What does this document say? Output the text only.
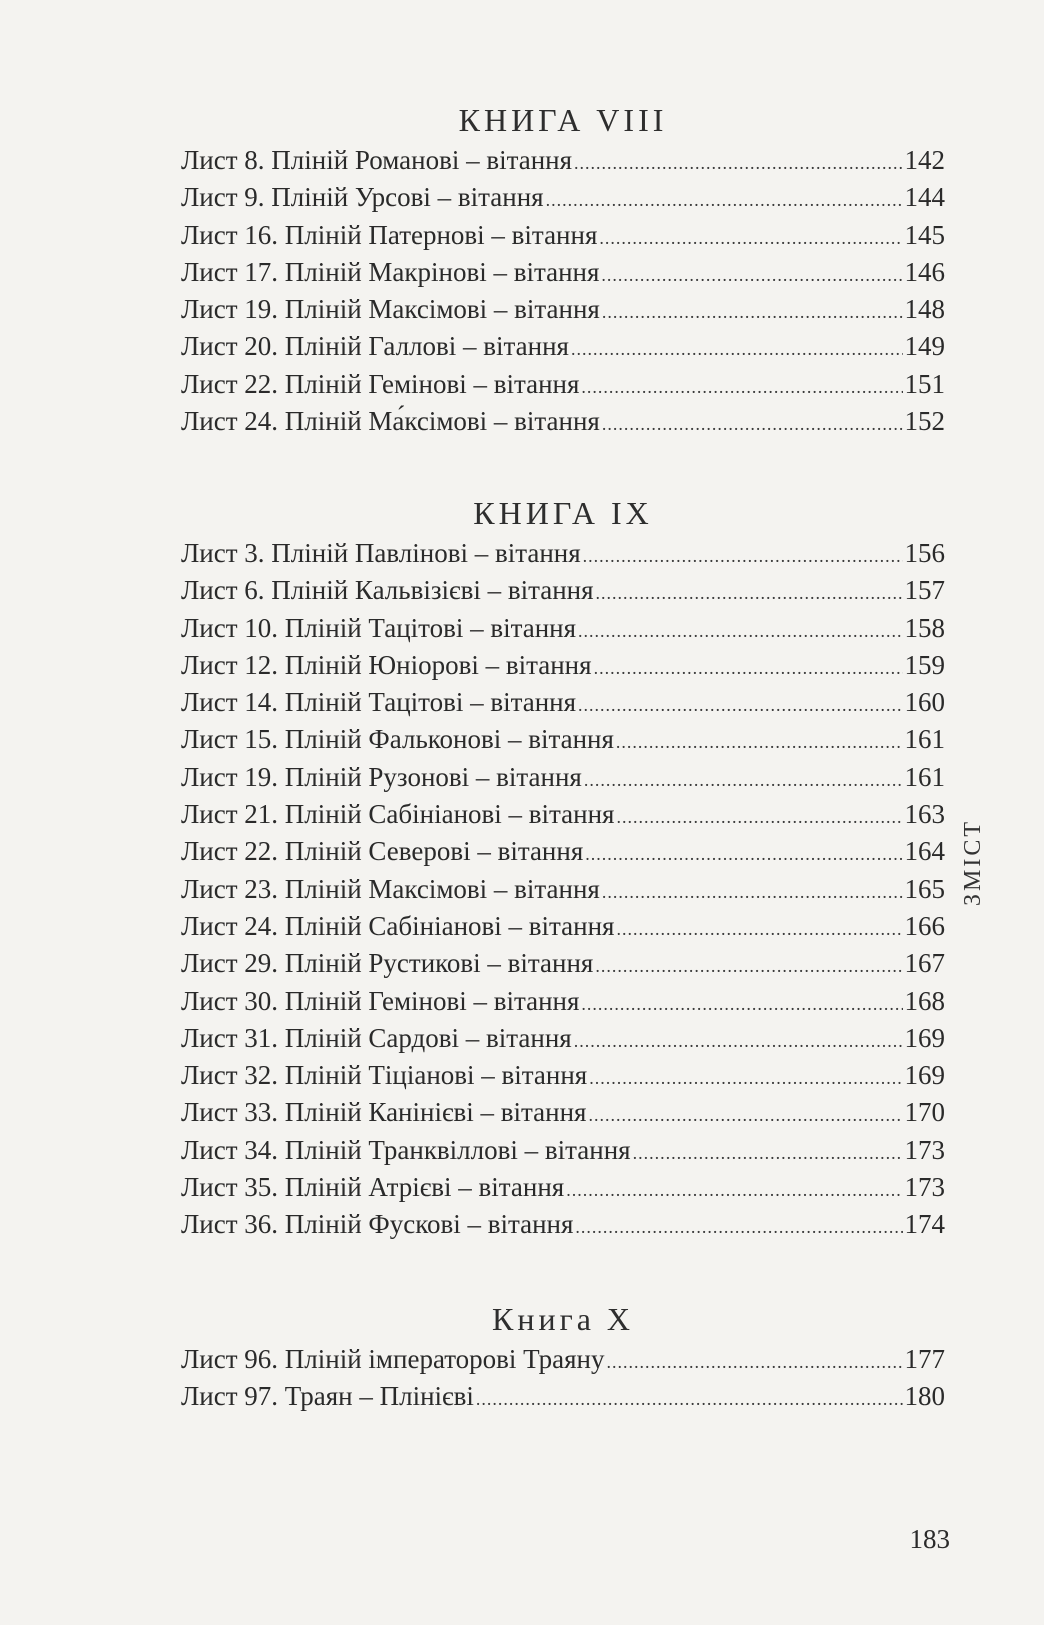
КНИГА VIII
Лист 8. Пліній Романові – вітання .....	142
Лист 9. Пліній Урсові – вітання .....	144
Лист 16. Пліній Патернові – вітання .....	145
Лист 17. Пліній Макрінові – вітання .....	146
Лист 19. Пліній Максімові – вітання .....	148
Лист 20. Пліній Галлові – вітання .....	149
Лист 22. Пліній Гемінові – вітання .....	151
Лист 24. Пліній Ма́ксімові – вітання .....	152
КНИГА IX
Лист 3. Пліній Павлінові – вітання .....	156
Лист 6. Пліній Кальвізієві – вітання .....	157
Лист 10. Пліній Тацітові – вітання .....	158
Лист 12. Пліній Юніорові – вітання .....	159
Лист 14. Пліній Тацітові – вітання .....	160
Лист 15. Пліній Фальконові – вітання .....	161
Лист 19. Пліній Рузонові – вітання .....	161
Лист 21. Пліній Сабініанові – вітання .....	163
Лист 22. Пліній Северові – вітання .....	164
Лист 23. Пліній Максімові – вітання .....	165
Лист 24. Пліній Сабініанові – вітання .....	166
Лист 29. Пліній Рустикові – вітання .....	167
Лист 30. Пліній Гемінові – вітання .....	168
Лист 31. Пліній Сардові – вітання .....	169
Лист 32. Пліній Тіціанові – вітання .....	169
Лист 33. Пліній Канінієві – вітання .....	170
Лист 34. Пліній Транквіллові – вітання .....	173
Лист 35. Пліній Атрієві – вітання .....	173
Лист 36. Пліній Фускові – вітання .....	174
Книга X
Лист 96. Пліній імператорові Траяну .....	177
Лист 97. Траян – Плінієві .....	180
ЗМІСТ
183
